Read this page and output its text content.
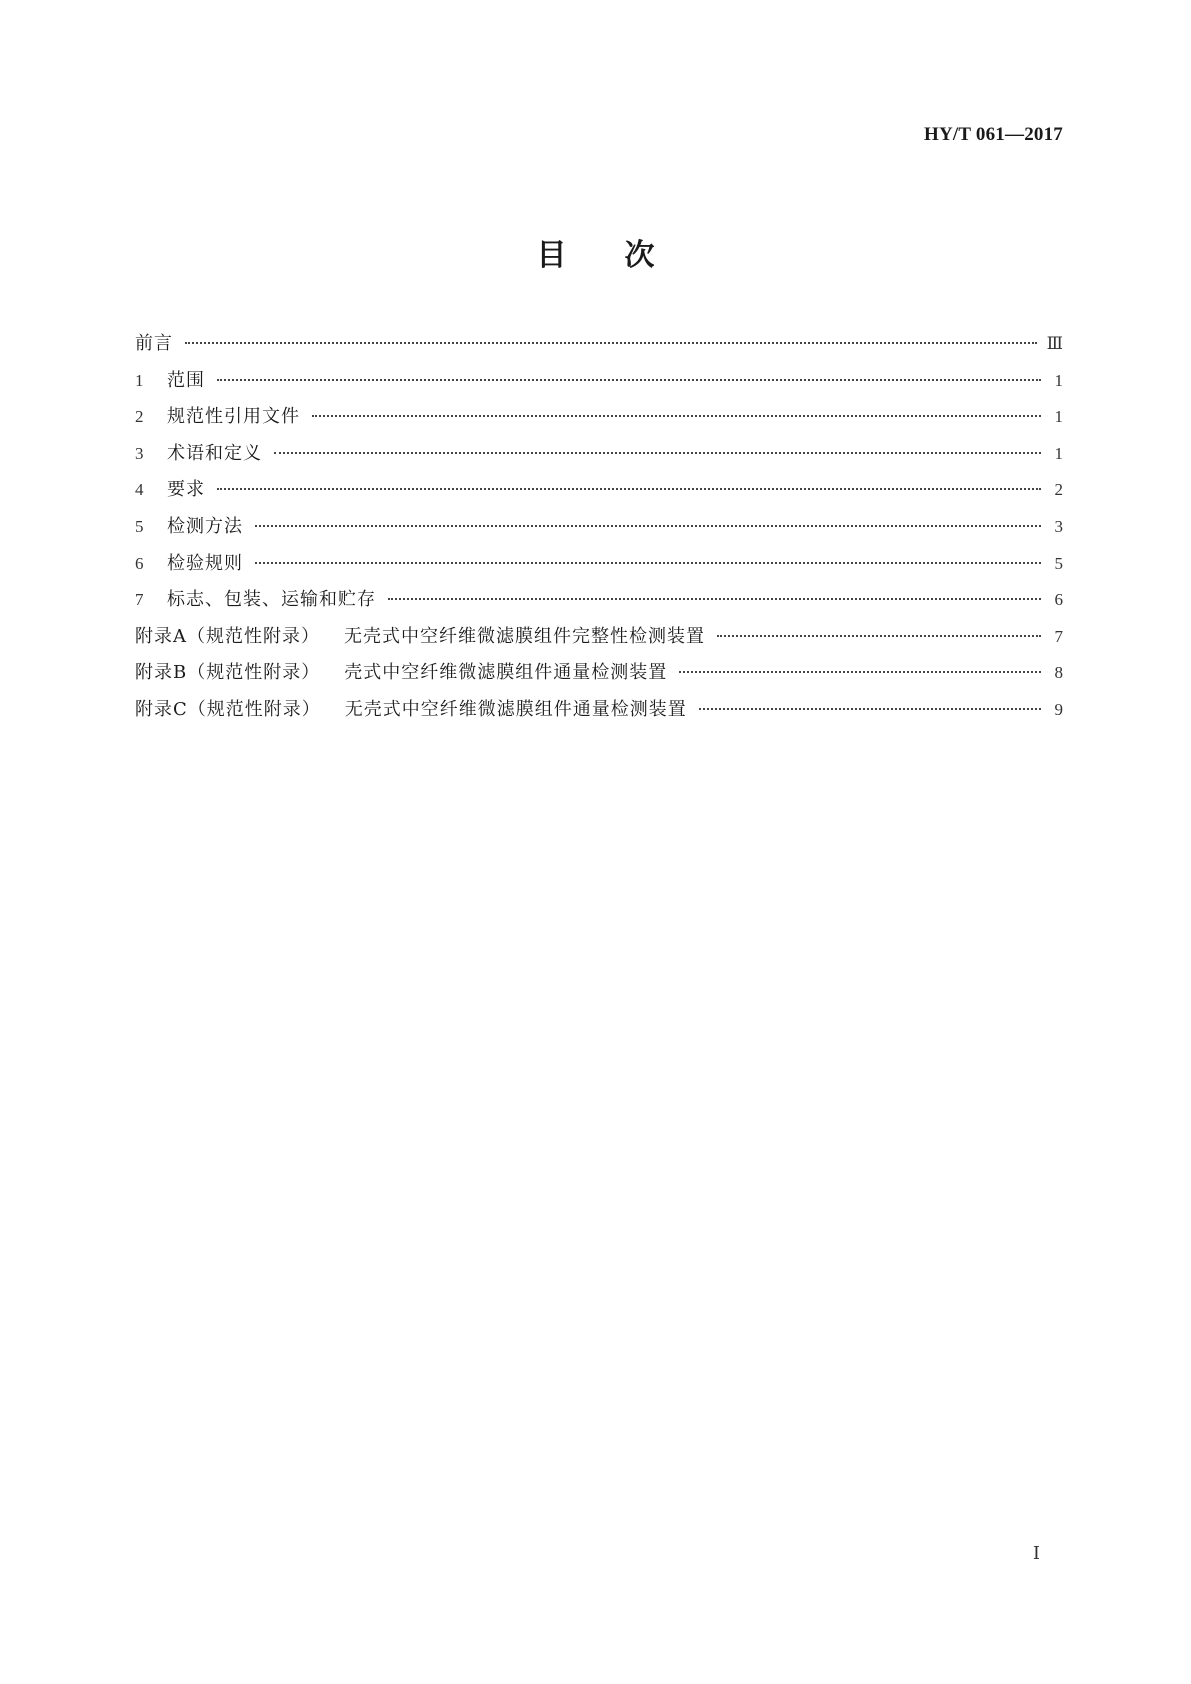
HY/T 061—2017
目次
前言	Ⅲ
1	范围	1
2	规范性引用文件	1
3	术语和定义	1
4	要求	2
5	检测方法	3
6	检验规则	5
7	标志、包装、运输和贮存	6
附录A（规范性附录） 无壳式中空纤维微滤膜组件完整性检测装置	7
附录B（规范性附录） 壳式中空纤维微滤膜组件通量检测装置	8
附录C（规范性附录） 无壳式中空纤维微滤膜组件通量检测装置	9
Ⅰ
